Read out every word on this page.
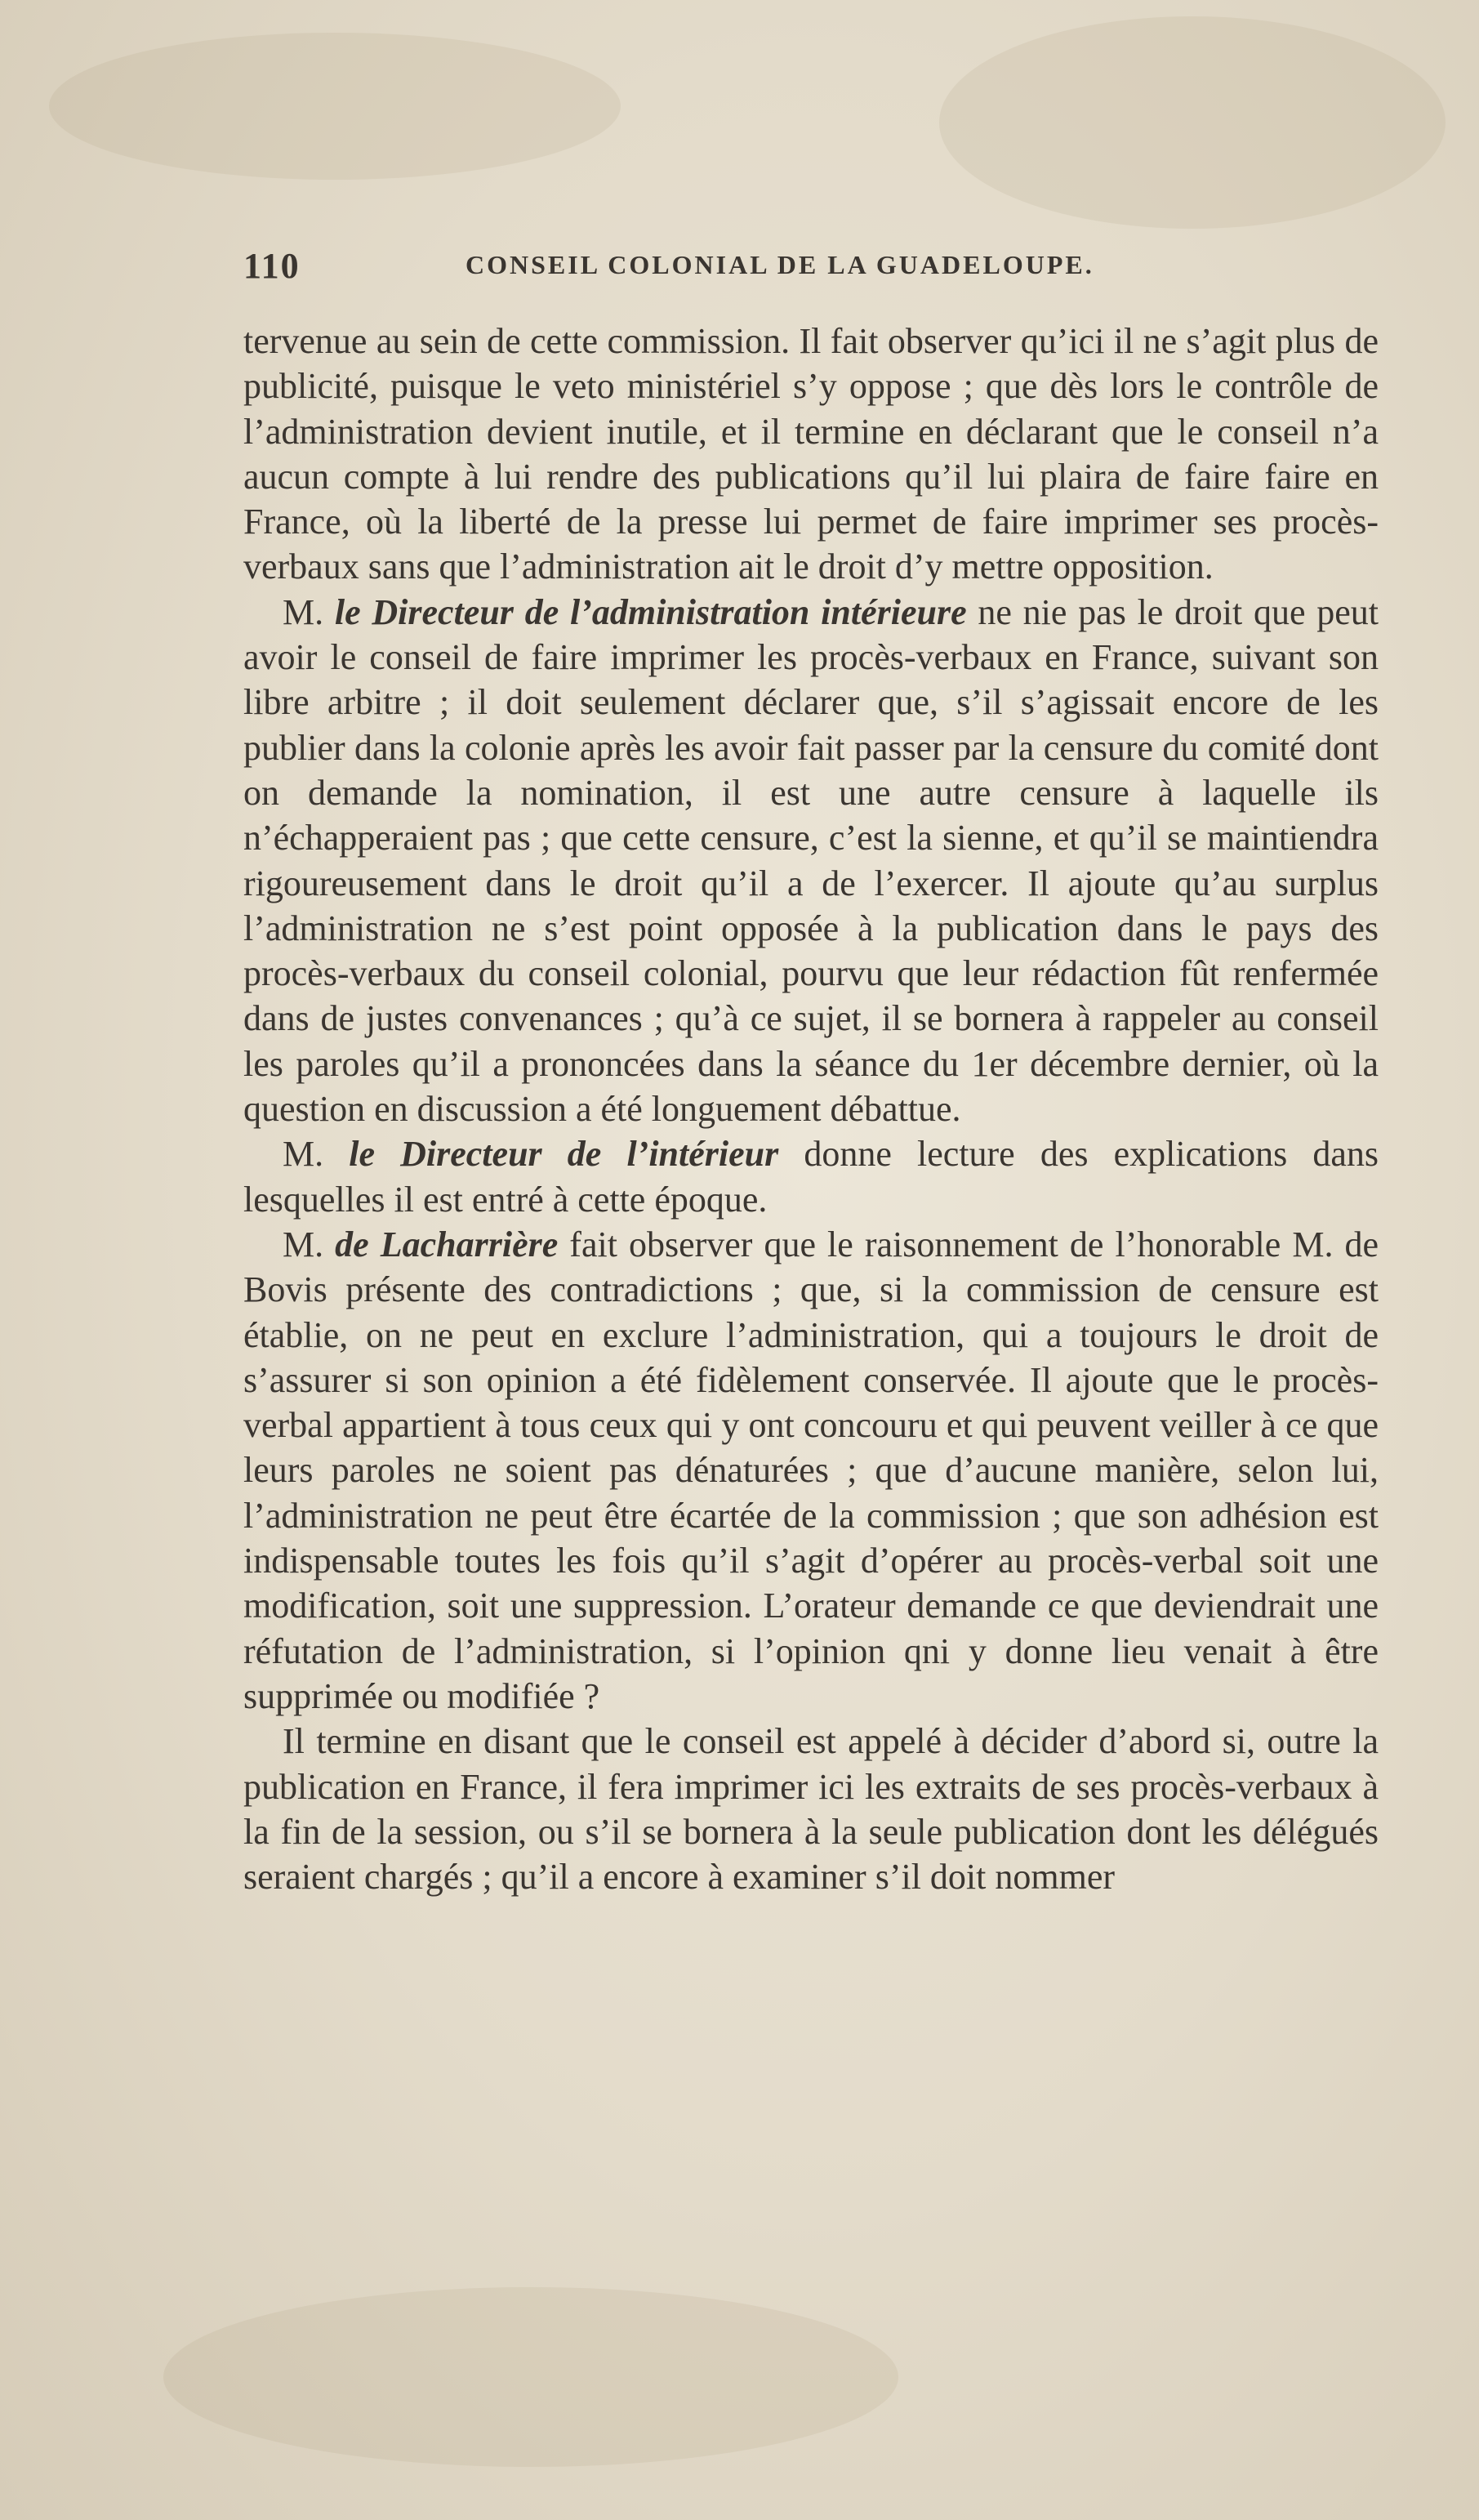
110	CONSEIL COLONIAL DE LA GUADELOUPE.

tervenue au sein de cette commission. Il fait observer qu’ici il ne s’agit plus de publicité, puisque le veto ministériel s’y oppose ; que dès lors le contrôle de l’administration devient inutile, et il termine en déclarant que le conseil n’a aucun compte à lui rendre des publications qu’il lui plaira de faire faire en France, où la liberté de la presse lui permet de faire imprimer ses procès-verbaux sans que l’administration ait le droit d’y mettre opposition.

M. le Directeur de l’administration intérieure ne nie pas le droit que peut avoir le conseil de faire imprimer les procès-verbaux en France, suivant son libre arbitre ; il doit seulement déclarer que, s’il s’agissait encore de les publier dans la colonie après les avoir fait passer par la censure du comité dont on demande la nomination, il est une autre censure à laquelle ils n’échapperaient pas ; que cette censure, c’est la sienne, et qu’il se maintiendra rigoureusement dans le droit qu’il a de l’exercer. Il ajoute qu’au surplus l’administration ne s’est point opposée à la publication dans le pays des procès-verbaux du conseil colonial, pourvu que leur rédaction fût renfermée dans de justes convenances ; qu’à ce sujet, il se bornera à rappeler au conseil les paroles qu’il a prononcées dans la séance du 1er décembre dernier, où la question en discussion a été longuement débattue.

M. le Directeur de l’intérieur donne lecture des explications dans lesquelles il est entré à cette époque.

M. de Lacharrière fait observer que le raisonnement de l’honorable M. de Bovis présente des contradictions ; que, si la commission de censure est établie, on ne peut en exclure l’administration, qui a toujours le droit de s’assurer si son opinion a été fidèlement conservée. Il ajoute que le procès-verbal appartient à tous ceux qui y ont concouru et qui peuvent veiller à ce que leurs paroles ne soient pas dénaturées ; que d’aucune manière, selon lui, l’administration ne peut être écartée de la commission ; que son adhésion est indispensable toutes les fois qu’il s’agit d’opérer au procès-verbal soit une modification, soit une suppression. L’orateur demande ce que deviendrait une réfutation de l’administration, si l’opinion qni y donne lieu venait à être supprimée ou modifiée ?

Il termine en disant que le conseil est appelé à décider d’abord si, outre la publication en France, il fera imprimer ici les extraits de ses procès-verbaux à la fin de la session, ou s’il se bornera à la seule publication dont les délégués seraient chargés ; qu’il a encore à examiner s’il doit nommer
